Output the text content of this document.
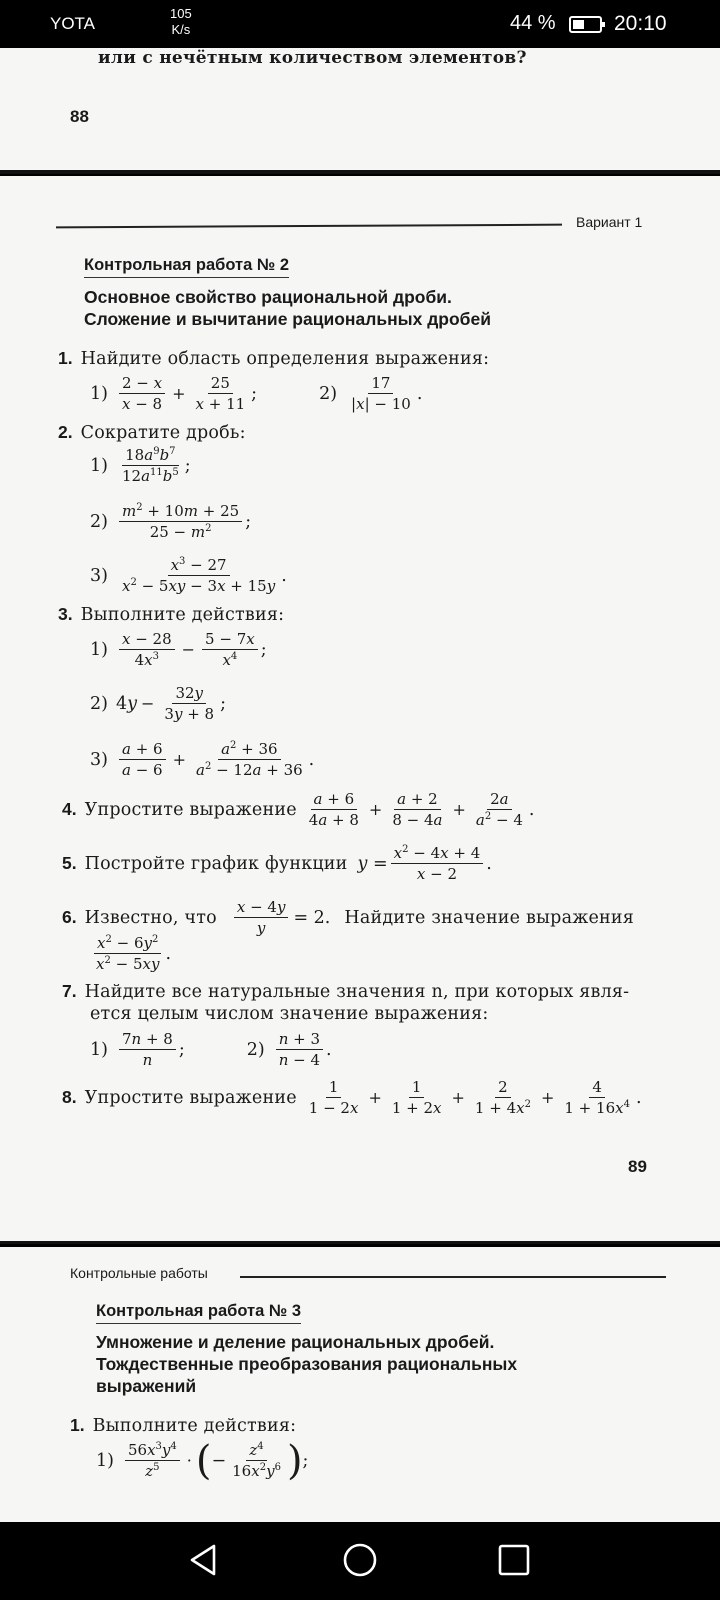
YOTA
105
K/s	44 %	20:10
или с нечётным количеством элементов?
88
Вариант 1
Контрольная работа № 2
Основное свойство рациональной дроби.
Сложение и вычитание рациональных дробей
1. Найдите область определения выражения:
$1) \frac{2 - x}{x - 8} + \frac{25}{x + 11}$ ;	$2) \frac{17}{|x| - 10}$ .
2. Сократите дробь:
$1) \frac{18a^9b^7}{12a^{11}b^5}$ ;
$2) \frac{m^2 + 10m + 25}{25 - m^2}$ ;
$3) \frac{x^3 - 27}{x^2 - 5xy - 3x + 15y}$ .
3. Выполните действия:
$1) \frac{x - 28}{4x^3} - \frac{5 - 7x}{x^4}$ ;
2) $4y - \frac{32y}{3y + 8}$ ;
$3) \frac{a + 6}{a - 6} + \frac{a^2 + 36}{a^2 - 12a + 36}$ .
4. Упростите выражение $\frac{a + 6}{4a + 8} + \frac{a + 2}{8 - 4a} + \frac{2a}{a^2 - 4}$ .
5. Постройте график функции $y = \frac{x^2 - 4x + 4}{x - 2}$ .
6. Известно, что $\frac{x - 4y}{y} = 2$. Найдите значение выражения
$\frac{x^2 - 6y^2}{x^2 - 5xy}$ .
7. Найдите все натуральные значения n, при которых явля-
ется целым числом значение выражения:
$1) \frac{7n + 8}{n}$ ;	$2) \frac{n + 3}{n - 4}$ .
8. Упростите выражение $\frac{1}{1 - 2x} + \frac{1}{1 + 2x} + \frac{2}{1 + 4x^2} + \frac{4}{1 + 16x^4}$ .
89
Контрольные работы
Контрольная работа № 3
Умножение и деление рациональных дробей.
Тождественные преобразования рациональных
выражений
1. Выполните действия:
$1) \frac{56x^3y^4}{z^5}$ · ( − $\frac{z^4}{16x^2y^6}$ ) ;
